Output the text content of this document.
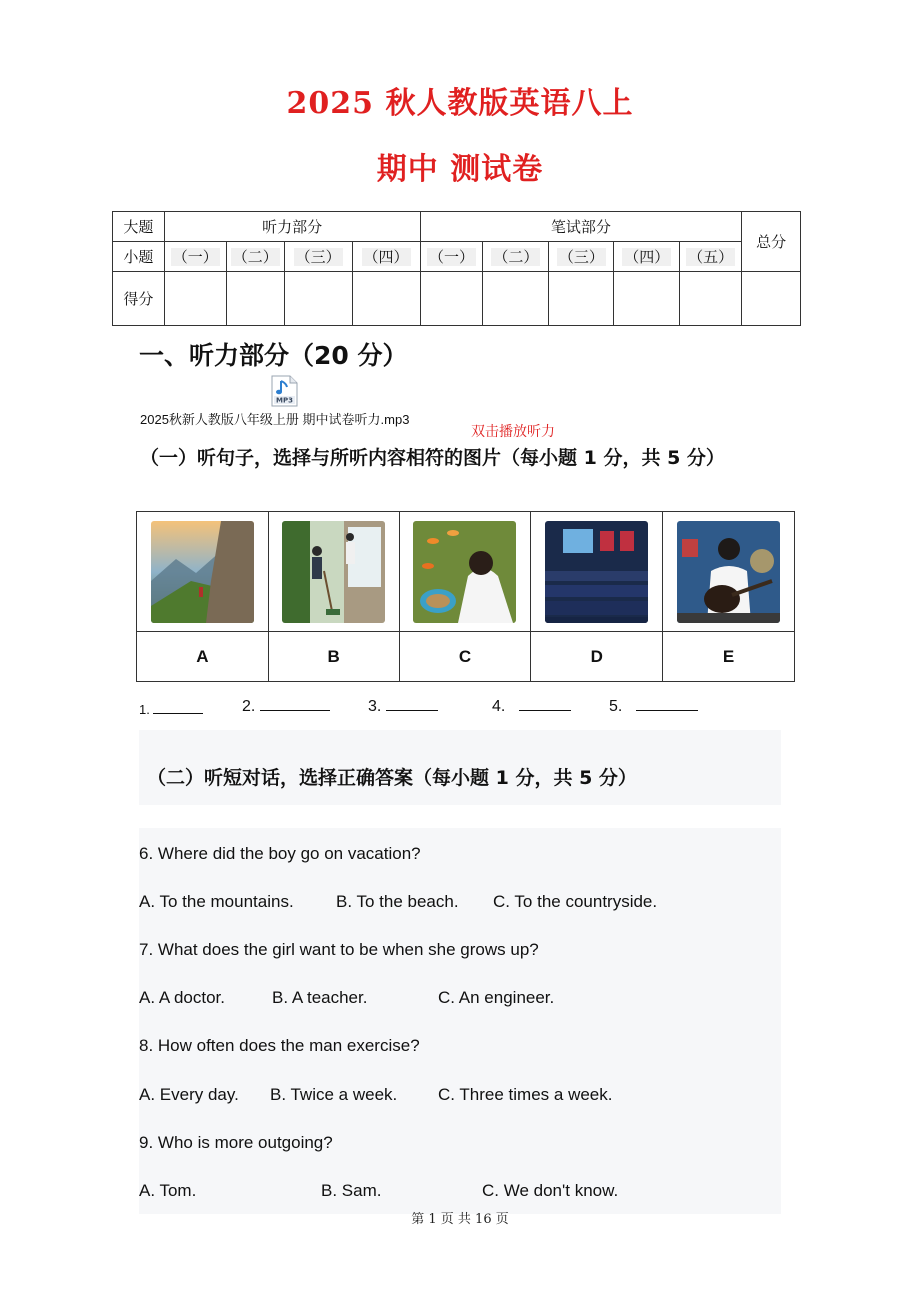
2025 秋人教版英语八上
期中 测试卷
大题	听力部分				笔试部分					总分
小题	（一）	（二）	（三）	（四）	（一）	（二）	（三）	（四）	（五）	
得分										
一、听力部分（20 分）
MP3
2025秋新人教版八年级上册 期中试卷听力.mp3
双击播放听力
（一）听句子，选择与所听内容相符的图片（每小题 1 分，共 5 分）

A	B	C	D	E
1.	2.	3.	4.	5.
（二）听短对话，选择正确答案（每小题 1 分，共 5 分）
6. Where did the boy go on vacation?
A. To the mountains. B. To the beach. C. To the countryside.
7. What does the girl want to be when she grows up?
A. A doctor.	B. A teacher.	C. An engineer.
8. How often does the man exercise?
A. Every day. B. Twice a week. C. Three times a week.
9. Who is more outgoing?
A. Tom.	B. Sam.	C. We don't know.
第 1 页 共 16 页
